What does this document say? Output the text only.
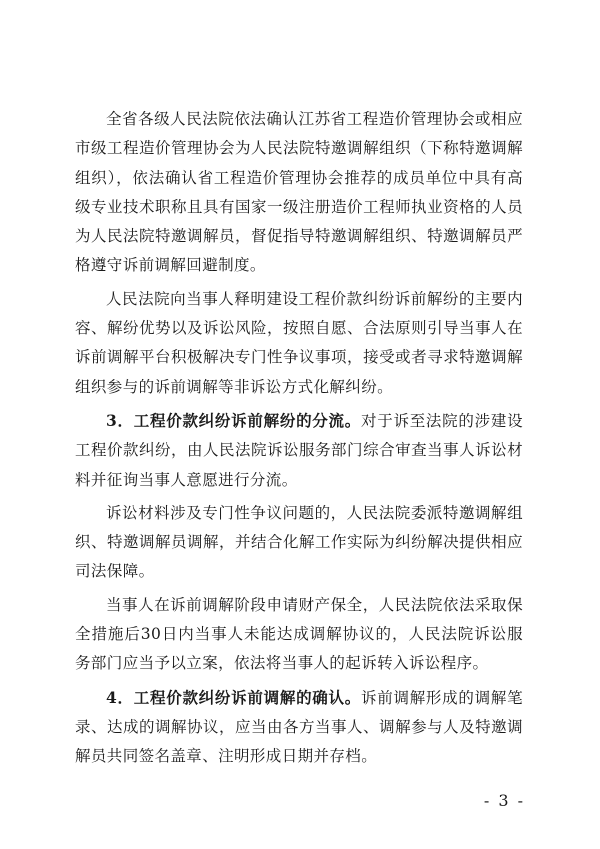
全省各级人民法院依法确认江苏省工程造价管理协会或相应市级工程造价管理协会为人民法院特邀调解组织（下称特邀调解组织），依法确认省工程造价管理协会推荐的成员单位中具有高级专业技术职称且具有国家一级注册造价工程师执业资格的人员为人民法院特邀调解员，督促指导特邀调解组织、特邀调解员严格遵守诉前调解回避制度。

人民法院向当事人释明建设工程价款纠纷诉前解纷的主要内容、解纷优势以及诉讼风险，按照自愿、合法原则引导当事人在诉前调解平台积极解决专门性争议事项，接受或者寻求特邀调解组织参与的诉前调解等非诉讼方式化解纠纷。

3．工程价款纠纷诉前解纷的分流。对于诉至法院的涉建设工程价款纠纷，由人民法院诉讼服务部门综合审查当事人诉讼材料并征询当事人意愿进行分流。

诉讼材料涉及专门性争议问题的，人民法院委派特邀调解组织、特邀调解员调解，并结合化解工作实际为纠纷解决提供相应司法保障。

当事人在诉前调解阶段申请财产保全，人民法院依法采取保全措施后30日内当事人未能达成调解协议的，人民法院诉讼服务部门应当予以立案，依法将当事人的起诉转入诉讼程序。

4．工程价款纠纷诉前调解的确认。诉前调解形成的调解笔录、达成的调解协议，应当由各方当事人、调解参与人及特邀调解员共同签名盖章、注明形成日期并存档。

- 3 -
